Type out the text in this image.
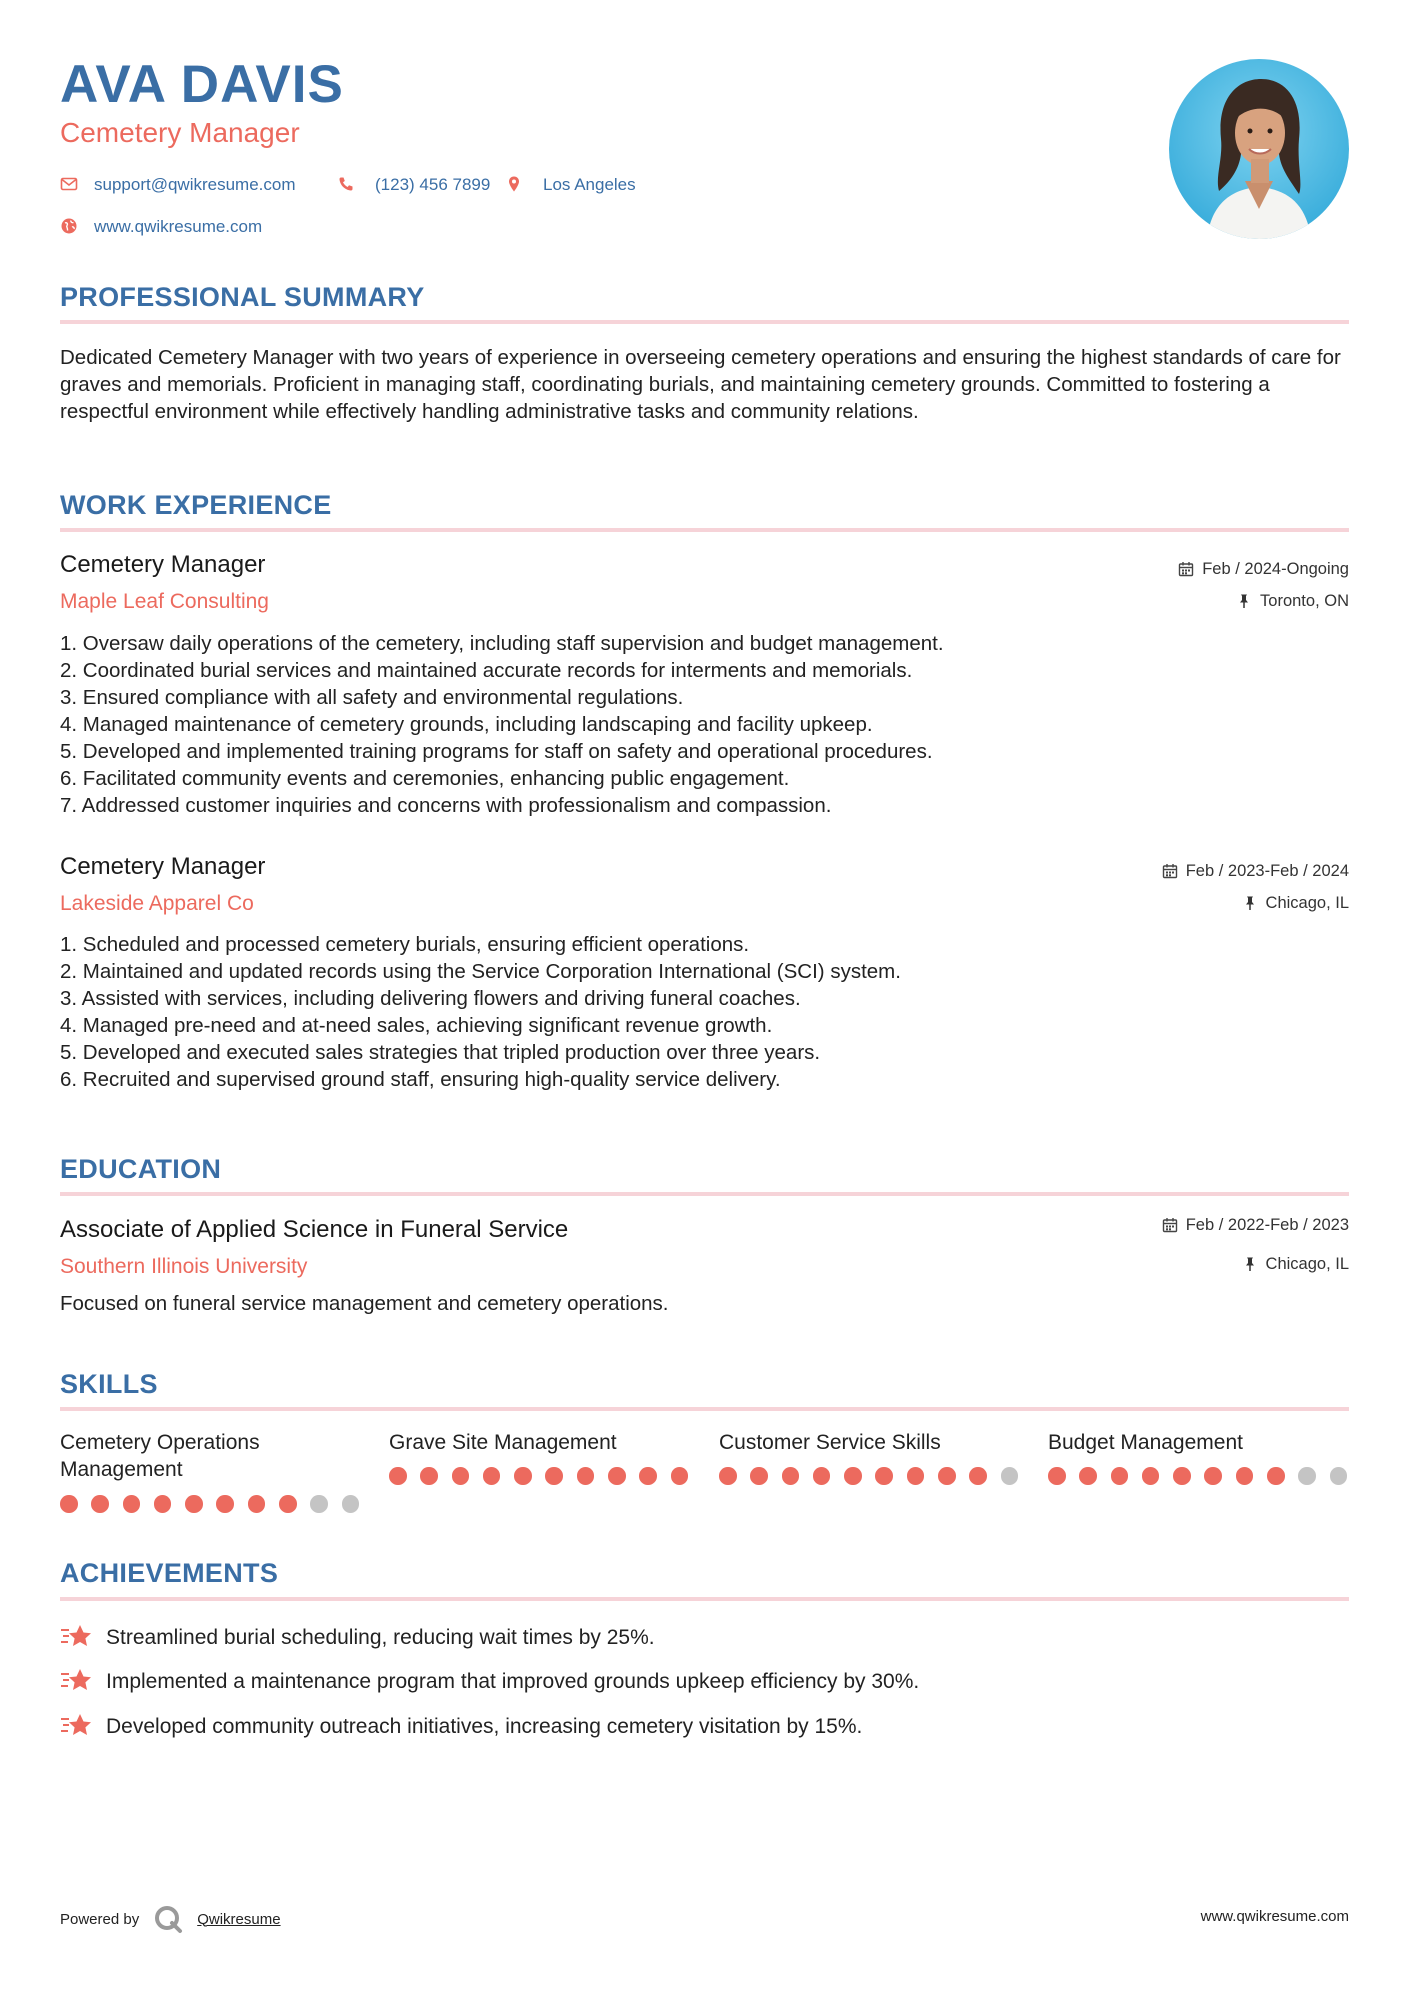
AVA DAVIS
Cemetery Manager
support@qwikresume.com	(123) 456 7899	Los Angeles
www.qwikresume.com
PROFESSIONAL SUMMARY

Dedicated Cemetery Manager with two years of experience in overseeing cemetery operations and ensuring the highest standards of care for graves and memorials. Proficient in managing staff, coordinating burials, and maintaining cemetery grounds. Committed to fostering a respectful environment while effectively handling administrative tasks and community relations.

WORK EXPERIENCE
Cemetery Manager
Maple Leaf Consulting
Feb / 2024-Ongoing
Toronto, ON
1. Oversaw daily operations of the cemetery, including staff supervision and budget management.
2. Coordinated burial services and maintained accurate records for interments and memorials.
3. Ensured compliance with all safety and environmental regulations.
4. Managed maintenance of cemetery grounds, including landscaping and facility upkeep.
5. Developed and implemented training programs for staff on safety and operational procedures.
6. Facilitated community events and ceremonies, enhancing public engagement.
7. Addressed customer inquiries and concerns with professionalism and compassion.
Cemetery Manager
Lakeside Apparel Co
Feb / 2023-Feb / 2024
Chicago, IL
1. Scheduled and processed cemetery burials, ensuring efficient operations.
2. Maintained and updated records using the Service Corporation International (SCI) system.
3. Assisted with services, including delivering flowers and driving funeral coaches.
4. Managed pre-need and at-need sales, achieving significant revenue growth.
5. Developed and executed sales strategies that tripled production over three years.
6. Recruited and supervised ground staff, ensuring high-quality service delivery.
EDUCATION
Associate of Applied Science in Funeral Service
Southern Illinois University
Feb / 2022-Feb / 2023
Chicago, IL
Focused on funeral service management and cemetery operations.
SKILLS
Cemetery Operations Management
Grave Site Management	Customer Service Skills	Budget Management
ACHIEVEMENTS
Streamlined burial scheduling, reducing wait times by 25%.
Implemented a maintenance program that improved grounds upkeep efficiency by 30%.
Developed community outreach initiatives, increasing cemetery visitation by 15%.
Powered by	Qwikresume	www.qwikresume.com
